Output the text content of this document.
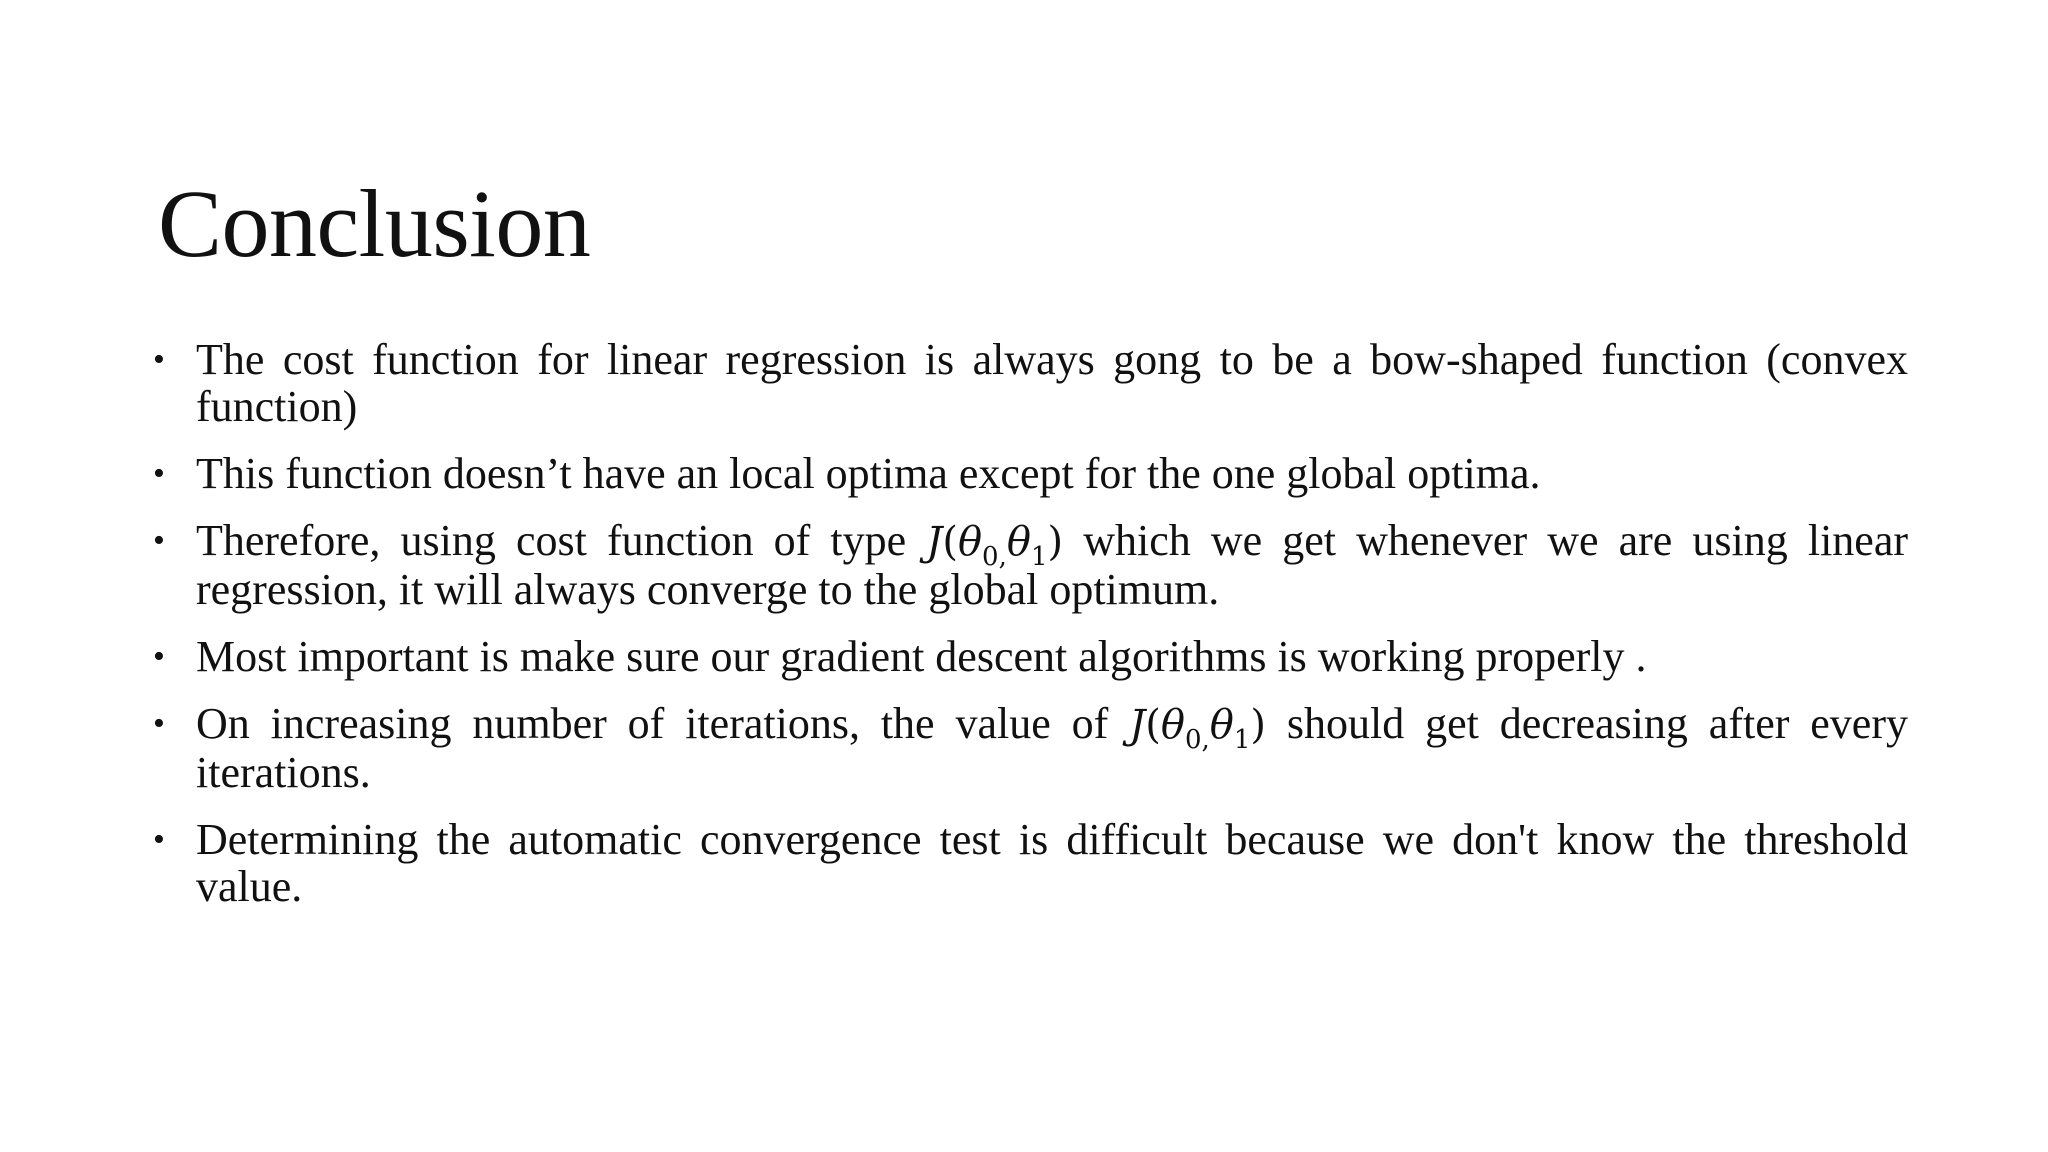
Conclusion
• The cost function for linear regression is always gong to be a bow-shaped function (convex function)
• This function doesn’t have an local optima except for the one global optima.
• Therefore, using cost function of type $J(\theta_{0,}\theta_1)$ which we get whenever we are using linear regression, it will always converge to the global optimum.
• Most important is make sure our gradient descent algorithms is working properly .
• On increasing number of iterations, the value of $J(\theta_{0,}\theta_1)$ should get decreasing after every iterations.
• Determining the automatic convergence test is difficult because we don't know the threshold value.
